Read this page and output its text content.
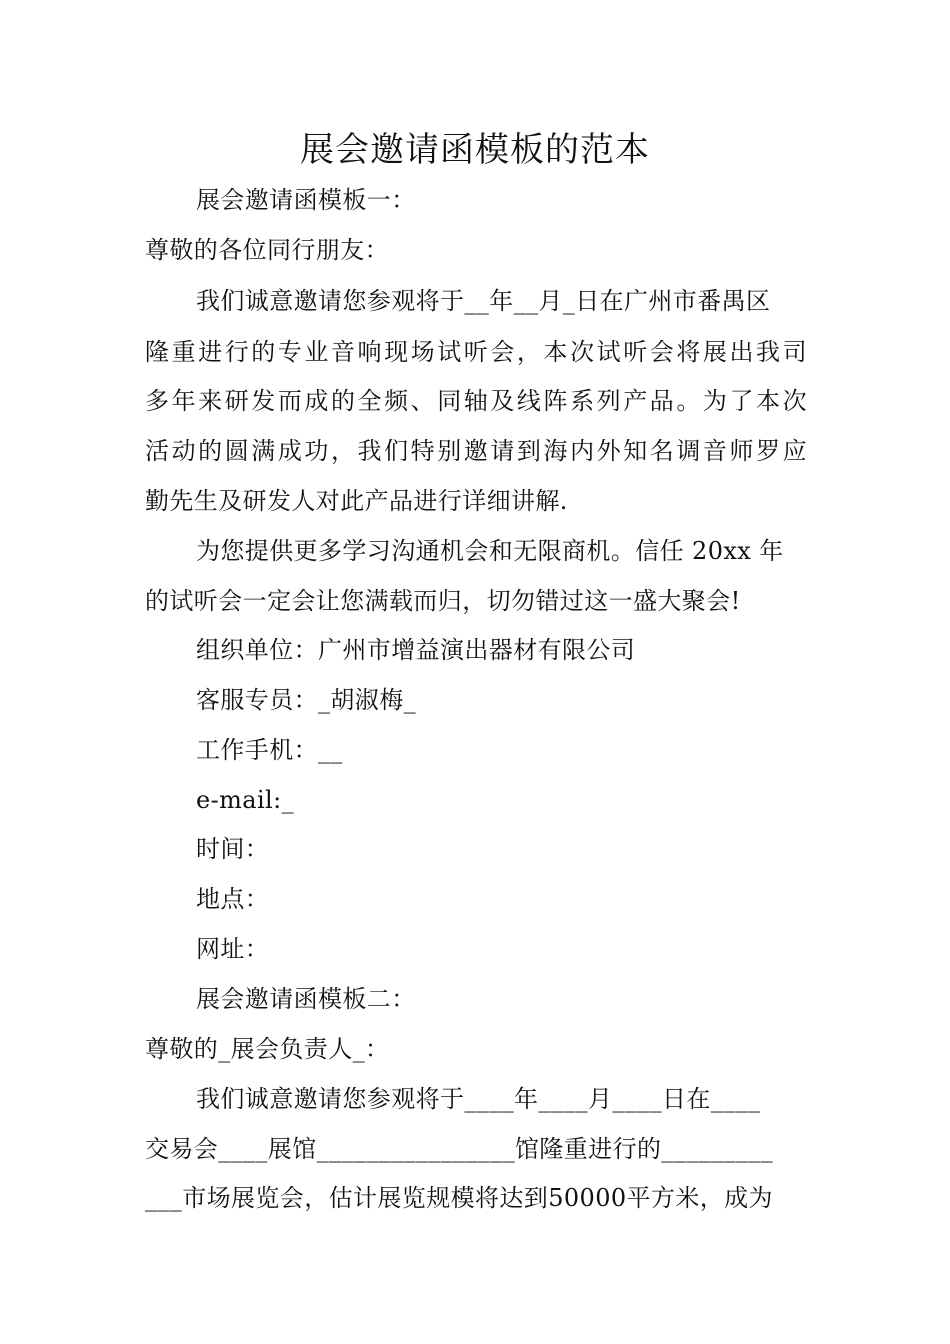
展会邀请函模板的范本

展会邀请函模板一：

尊敬的各位同行朋友：

我们诚意邀请您参观将于__年__月_日在广州市番禺区

隆重进行的专业音响现场试听会，本次试听会将展出我司

多年来研发而成的全频、同轴及线阵系列产品。为了本次

活动的圆满成功，我们特别邀请到海内外知名调音师罗应

勤先生及研发人对此产品进行详细讲解.

为您提供更多学习沟通机会和无限商机。信任 20xx 年

的试听会一定会让您满载而归，切勿错过这一盛大聚会!

组织单位：广州市增益演出器材有限公司

客服专员：_胡淑梅_

工作手机：__

e-mail:_

时间：

地点：

网址：

展会邀请函模板二：

尊敬的_展会负责人_：

我们诚意邀请您参观将于____年____月____日在____

交易会____展馆________________馆隆重进行的_________

___市场展览会，估计展览规模将达到50000平方米，成为
